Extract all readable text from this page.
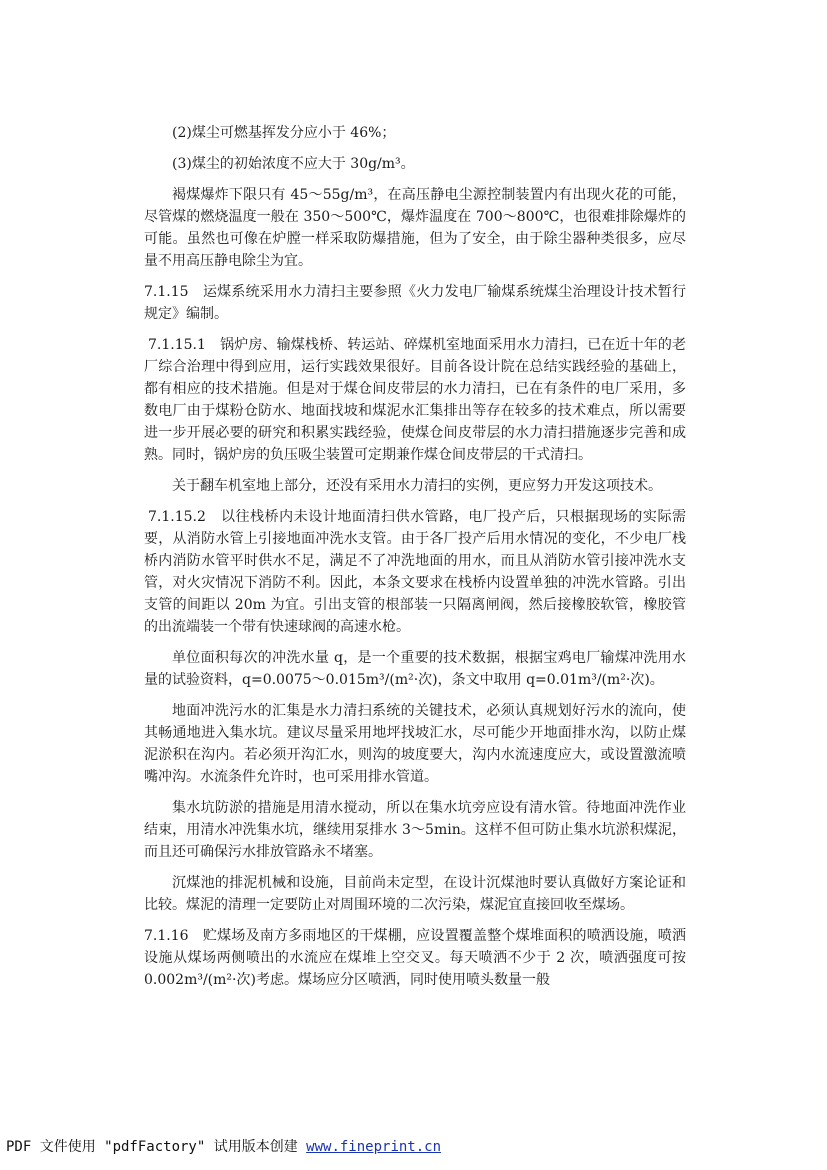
(2)煤尘可燃基挥发分应小于 46%；

(3)煤尘的初始浓度不应大于 30g/m³。

褐煤爆炸下限只有 45～55g/m³，在高压静电尘源控制装置内有出现火花的可能，尽管煤的燃烧温度一般在 350～500℃，爆炸温度在 700～800℃，也很难排除爆炸的可能。虽然也可像在炉膛一样采取防爆措施，但为了安全，由于除尘器种类很多，应尽量不用高压静电除尘为宜。

7.1.15　运煤系统采用水力清扫主要参照《火力发电厂输煤系统煤尘治理设计技术暂行规定》编制。

7.1.15.1　锅炉房、输煤栈桥、转运站、碎煤机室地面采用水力清扫，已在近十年的老厂综合治理中得到应用，运行实践效果很好。目前各设计院在总结实践经验的基础上，都有相应的技术措施。但是对于煤仓间皮带层的水力清扫，已在有条件的电厂采用，多数电厂由于煤粉仓防水、地面找坡和煤泥水汇集排出等存在较多的技术难点，所以需要进一步开展必要的研究和积累实践经验，使煤仓间皮带层的水力清扫措施逐步完善和成熟。同时，锅炉房的负压吸尘装置可定期兼作煤仓间皮带层的干式清扫。

关于翻车机室地上部分，还没有采用水力清扫的实例，更应努力开发这项技术。

7.1.15.2　以往栈桥内未设计地面清扫供水管路，电厂投产后，只根据现场的实际需要，从消防水管上引接地面冲洗水支管。由于各厂投产后用水情况的变化，不少电厂栈桥内消防水管平时供水不足，满足不了冲洗地面的用水，而且从消防水管引接冲洗水支管，对火灾情况下消防不利。因此，本条文要求在栈桥内设置单独的冲洗水管路。引出支管的间距以 20m 为宜。引出支管的根部装一只隔离闸阀，然后接橡胶软管，橡胶管的出流端装一个带有快速球阀的高速水枪。

单位面积每次的冲洗水量 q，是一个重要的技术数据，根据宝鸡电厂输煤冲洗用水量的试验资料，q=0.0075～0.015m³/(m²·次)，条文中取用 q=0.01m³/(m²·次)。

地面冲洗污水的汇集是水力清扫系统的关键技术，必须认真规划好污水的流向，使其畅通地进入集水坑。建议尽量采用地坪找坡汇水，尽可能少开地面排水沟，以防止煤泥淤积在沟内。若必须开沟汇水，则沟的坡度要大，沟内水流速度应大，或设置激流喷嘴冲沟。水流条件允许时，也可采用排水管道。

集水坑防淤的措施是用清水搅动，所以在集水坑旁应设有清水管。待地面冲洗作业结束，用清水冲洗集水坑，继续用泵排水 3～5min。这样不但可防止集水坑淤积煤泥，而且还可确保污水排放管路永不堵塞。

沉煤池的排泥机械和设施，目前尚未定型，在设计沉煤池时要认真做好方案论证和比较。煤泥的清理一定要防止对周围环境的二次污染，煤泥宜直接回收至煤场。

7.1.16　贮煤场及南方多雨地区的干煤棚，应设置覆盖整个煤堆面积的喷洒设施，喷洒设施从煤场两侧喷出的水流应在煤堆上空交叉。每天喷洒不少于 2 次，喷洒强度可按 0.002m³/(m²·次)考虑。煤场应分区喷洒，同时使用喷头数量一般

PDF 文件使用 "pdfFactory" 试用版本创建 www.fineprint.cn
